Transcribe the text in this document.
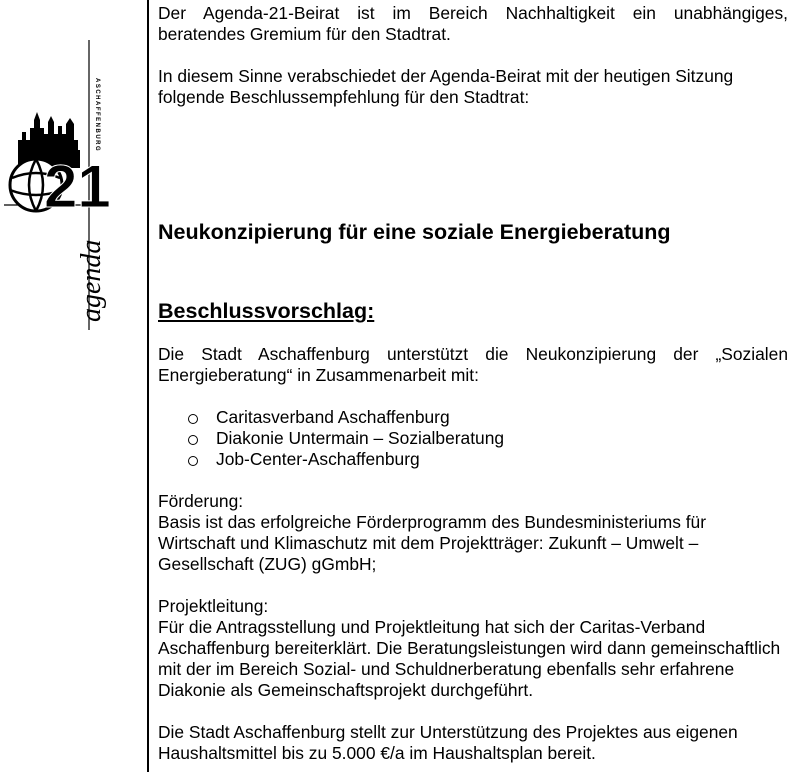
21
ASCHAFFENBURG
agenda

Der Agenda-21-Beirat ist im Bereich Nachhaltigkeit ein unabhängiges, beratendes Gremium für den Stadtrat.

In diesem Sinne verabschiedet der Agenda-Beirat mit der heutigen Sitzung folgende Beschlussempfehlung für den Stadtrat:

Neukonzipierung für eine soziale Energieberatung

Beschlussvorschlag:

Die Stadt Aschaffenburg unterstützt die Neukonzipierung der „Sozialen Energieberatung“ in Zusammenarbeit mit:

Caritasverband Aschaffenburg
Diakonie Untermain – Sozialberatung
Job-Center-Aschaffenburg

Förderung:

Basis ist das erfolgreiche Förderprogramm des Bundesministeriums für Wirtschaft und Klimaschutz mit dem Projektträger: Zukunft – Umwelt – Gesellschaft (ZUG) gGmbH;

Projektleitung:

Für die Antragsstellung und Projektleitung hat sich der Caritas-Verband Aschaffenburg bereiterklärt. Die Beratungsleistungen wird dann gemeinschaftlich mit der im Bereich Sozial- und Schuldnerberatung ebenfalls sehr erfahrene Diakonie als Gemeinschaftsprojekt durchgeführt.

Die Stadt Aschaffenburg stellt zur Unterstützung des Projektes aus eigenen Haushaltsmittel bis zu 5.000 €/a im Haushaltsplan bereit.
